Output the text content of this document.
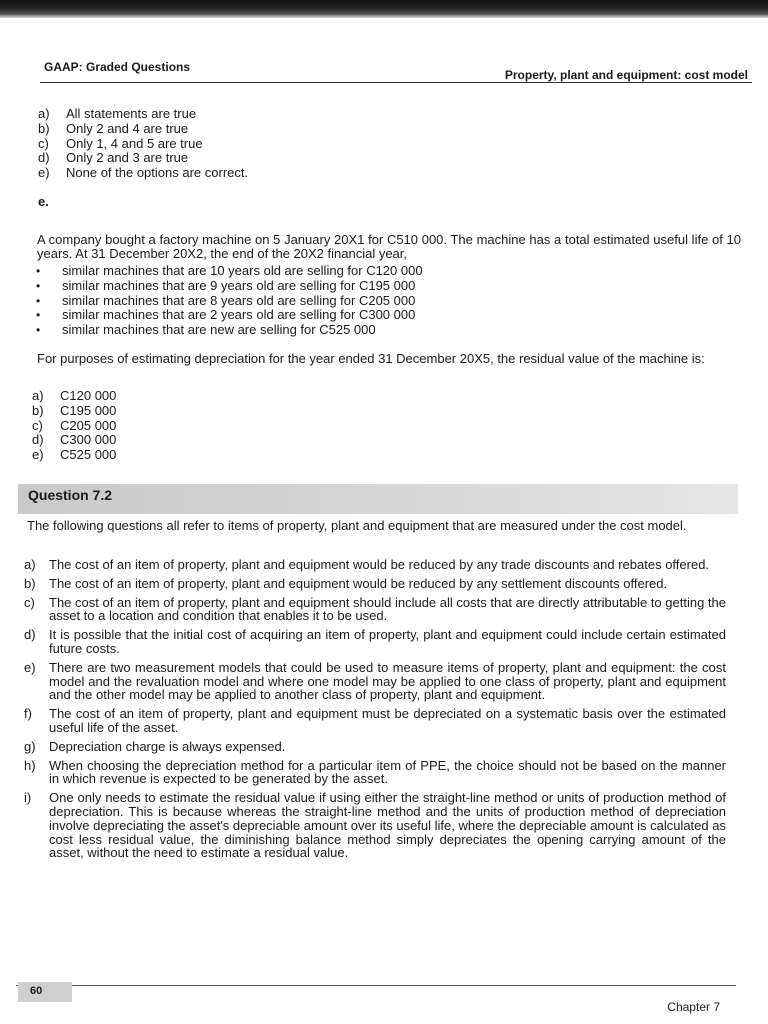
GAAP: Graded Questions
Property, plant and equipment: cost model
a) All statements are true
b) Only 2 and 4 are true
c) Only 1, 4 and 5 are true
d) Only 2 and 3 are true
e) None of the options are correct.
e.

A company bought a factory machine on 5 January 20X1 for C510 000. The machine has a total estimated useful life of 10 years. At 31 December 20X2, the end of the 20X2 financial year,

• similar machines that are 10 years old are selling for C120 000
• similar machines that are 9 years old are selling for C195 000
• similar machines that are 8 years old are selling for C205 000
• similar machines that are 2 years old are selling for C300 000
• similar machines that are new are selling for C525 000

For purposes of estimating depreciation for the year ended 31 December 20X5, the residual value of the machine is:

a) C120 000
b) C195 000
c) C205 000
d) C300 000
e) C525 000
Question 7.2

The following questions all refer to items of property, plant and equipment that are measured under the cost model.

a) The cost of an item of property, plant and equipment would be reduced by any trade discounts and rebates offered.
b) The cost of an item of property, plant and equipment would be reduced by any settlement discounts offered.
c) The cost of an item of property, plant and equipment should include all costs that are directly attributable to getting the asset to a location and condition that enables it to be used.
d) It is possible that the initial cost of acquiring an item of property, plant and equipment could include certain estimated future costs.
e) There are two measurement models that could be used to measure items of property, plant and equipment: the cost model and the revaluation model and where one model may be applied to one class of property, plant and equipment and the other model may be applied to another class of property, plant and equipment.
f) The cost of an item of property, plant and equipment must be depreciated on a systematic basis over the estimated useful life of the asset.
g) Depreciation charge is always expensed.
h) When choosing the depreciation method for a particular item of PPE, the choice should not be based on the manner in which revenue is expected to be generated by the asset.
i) One only needs to estimate the residual value if using either the straight-line method or units of production method of depreciation. This is because whereas the straight-line method and the units of production method of depreciation involve depreciating the asset's depreciable amount over its useful life, where the depreciable amount is calculated as cost less residual value, the diminishing balance method simply depreciates the opening carrying amount of the asset, without the need to estimate a residual value.
60
Chapter 7
